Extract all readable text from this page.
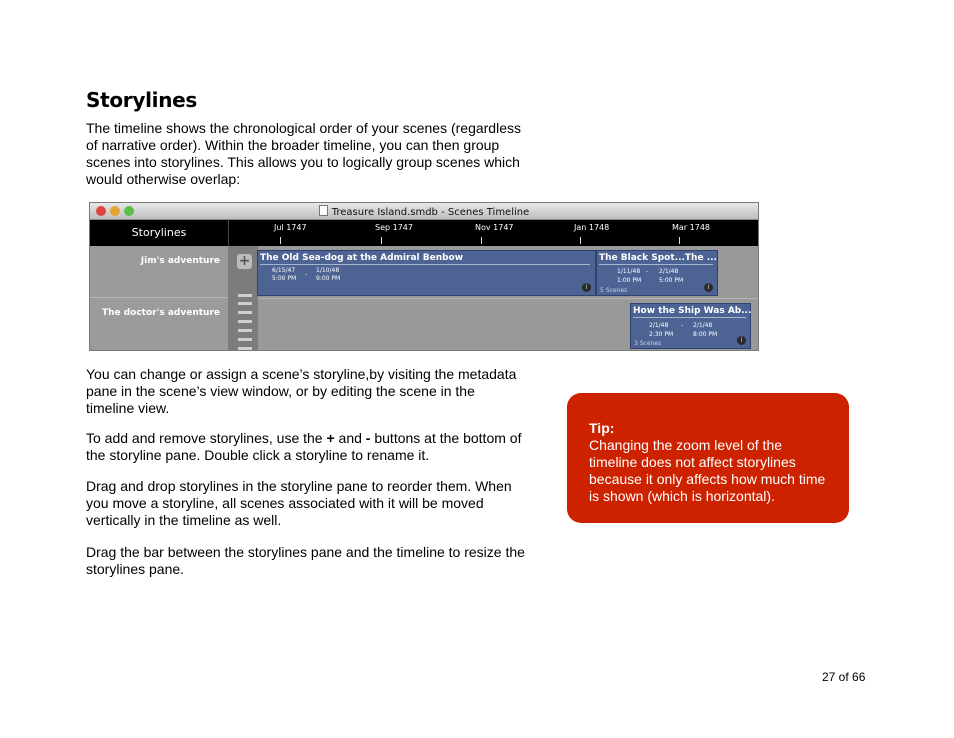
Storylines
The timeline shows the chronological order of your scenes (regardless of narrative order). Within the broader timeline, you can then group scenes into storylines. This allows you to logically group scenes which would otherwise overlap:
Treasure Island.smdb - Scenes Timeline
Storylines	Jul 1747	Sep 1747	Nov 1747	Jan 1748	Mar 1748
Jim's adventure
The doctor's adventure
+ The Old Sea-dog at the Admiral Benbow
6/15/47
5:00 PM
-
1/10/48
9:00 PM
i
The Black Spot...The ...
1/11/48
1:00 PM
- 2/1/48
5:00 PM
5 Scenes	i
How the Ship Was Ab...
2/1/48
2:30 PM
- 2/1/48
8:00 PM
3 Scenes	i
You can change or assign a scene’s storyline,by visiting the metadata pane in the scene’s view window, or by editing the scene in the timeline view.
To add and remove storylines, use the + and - buttons at the bottom of the storyline pane. Double click a storyline to rename it.
Drag and drop storylines in the storyline pane to reorder them. When you move a storyline, all scenes associated with it will be moved vertically in the timeline as well.
Drag the bar between the storylines pane and the timeline to resize the storylines pane.
Tip:
Changing the zoom level of the timeline does not affect storylines because it only affects how much time is shown (which is horizontal).
27 of 66
